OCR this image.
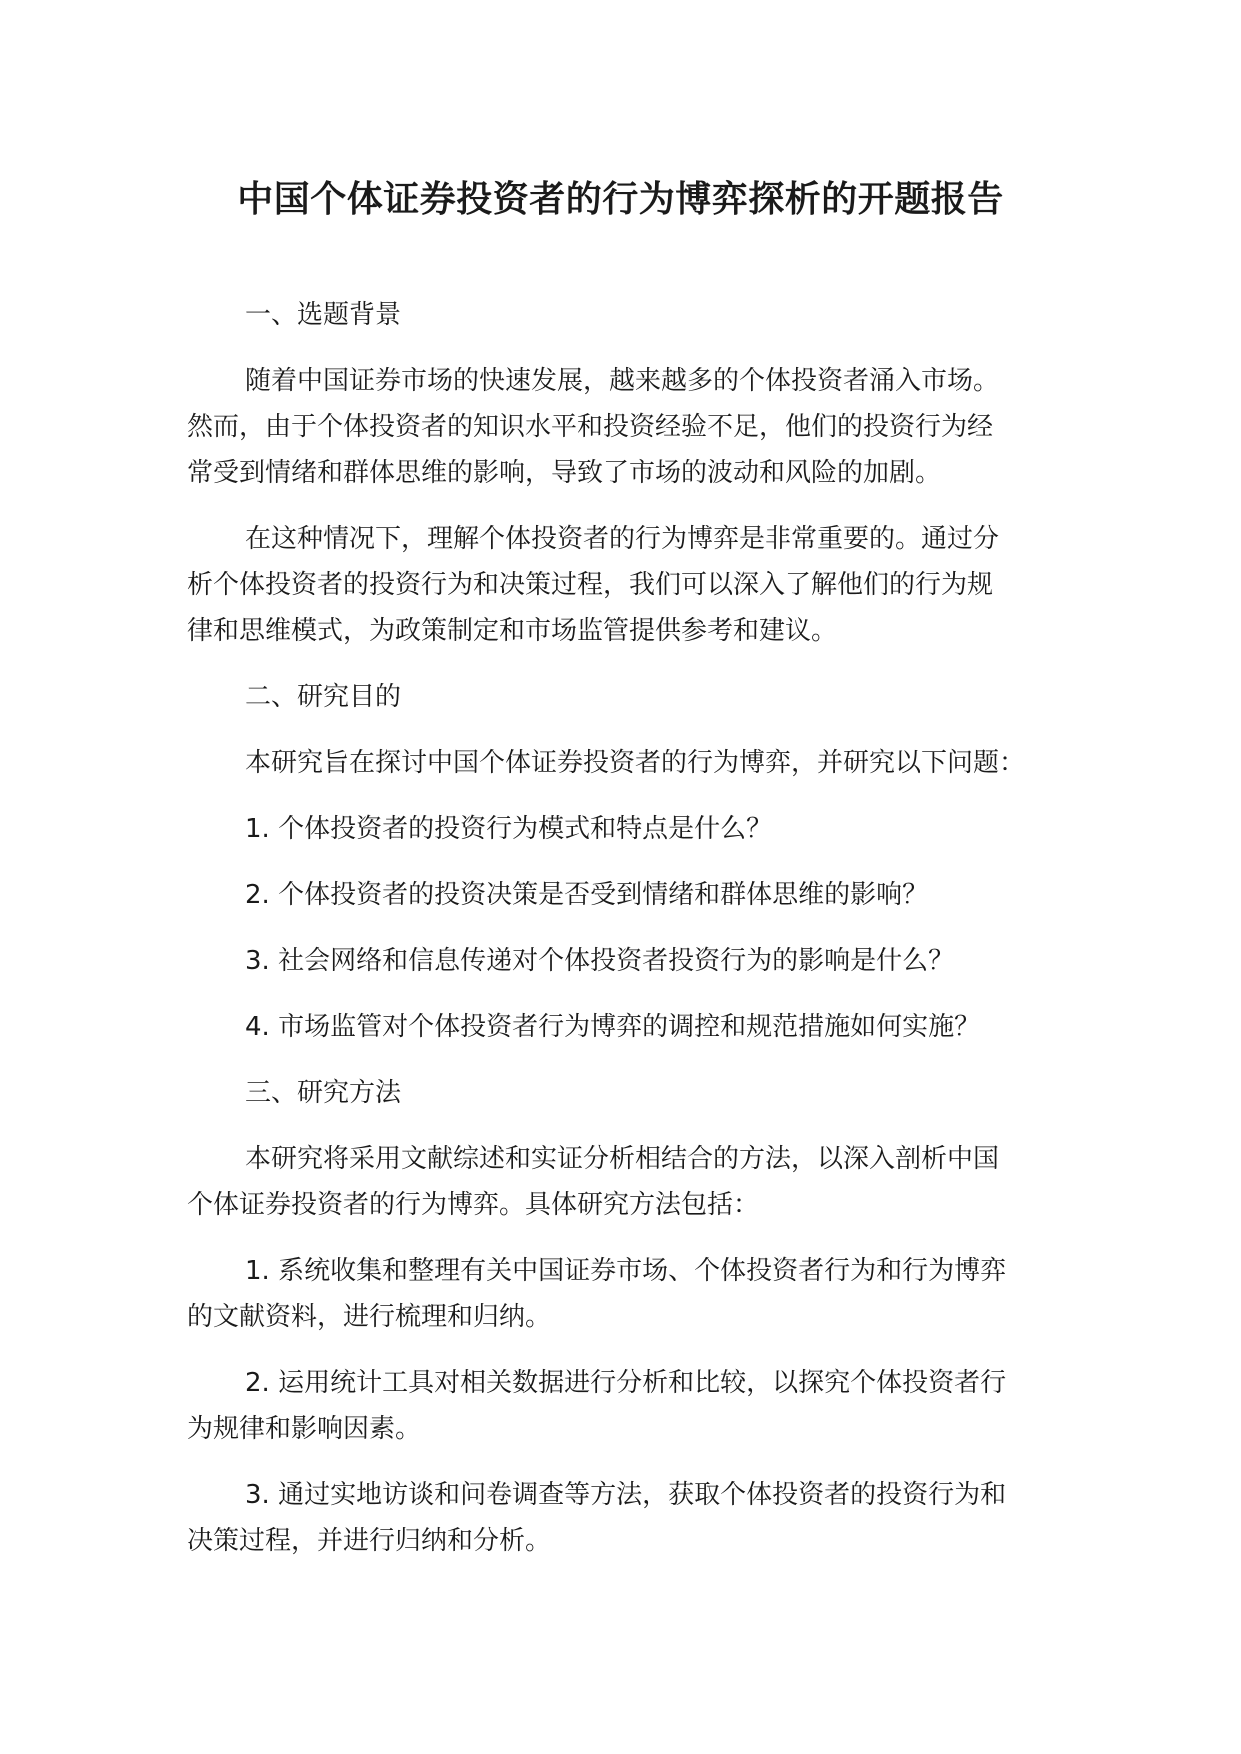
中国个体证券投资者的行为博弈探析的开题报告
一、选题背景
随着中国证券市场的快速发展，越来越多的个体投资者涌入市场。
然而，由于个体投资者的知识水平和投资经验不足，他们的投资行为经
常受到情绪和群体思维的影响，导致了市场的波动和风险的加剧。
在这种情况下，理解个体投资者的行为博弈是非常重要的。通过分
析个体投资者的投资行为和决策过程，我们可以深入了解他们的行为规
律和思维模式，为政策制定和市场监管提供参考和建议。
二、研究目的
本研究旨在探讨中国个体证券投资者的行为博弈，并研究以下问题：
1. 个体投资者的投资行为模式和特点是什么？
2. 个体投资者的投资决策是否受到情绪和群体思维的影响？
3. 社会网络和信息传递对个体投资者投资行为的影响是什么？
4. 市场监管对个体投资者行为博弈的调控和规范措施如何实施？
三、研究方法
本研究将采用文献综述和实证分析相结合的方法，以深入剖析中国
个体证券投资者的行为博弈。具体研究方法包括：
1. 系统收集和整理有关中国证券市场、个体投资者行为和行为博弈
的文献资料，进行梳理和归纳。
2. 运用统计工具对相关数据进行分析和比较，以探究个体投资者行
为规律和影响因素。
3. 通过实地访谈和问卷调查等方法，获取个体投资者的投资行为和
决策过程，并进行归纳和分析。
